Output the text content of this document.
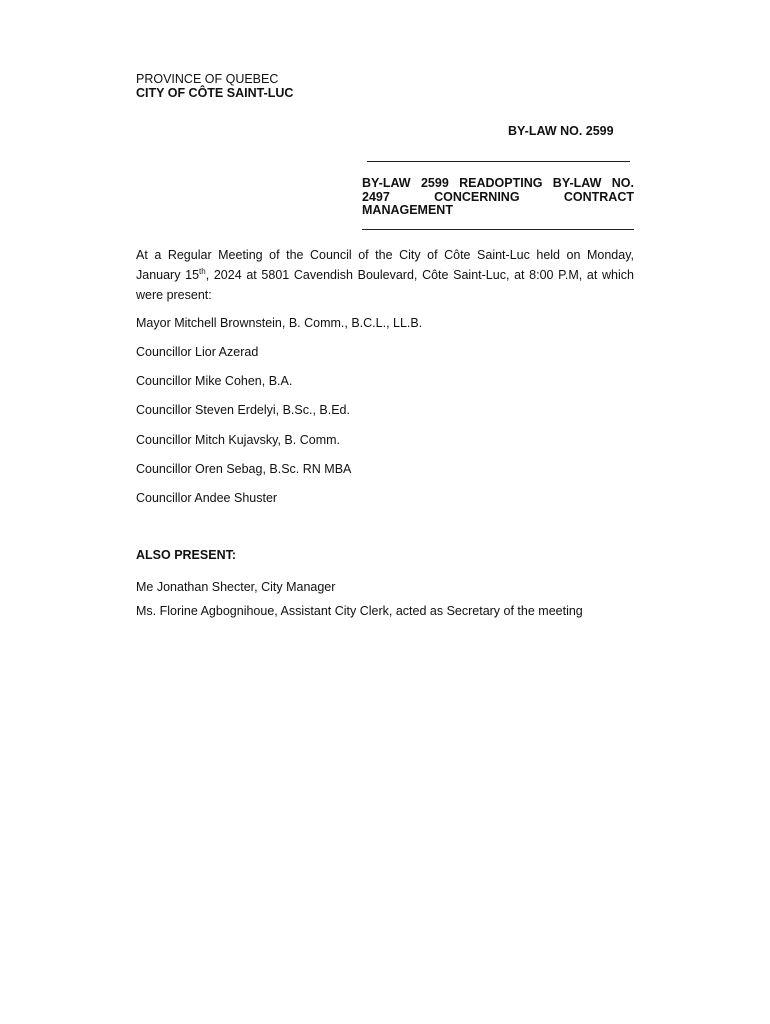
PROVINCE OF QUEBEC
CITY OF CÔTE SAINT-LUC
BY-LAW NO. 2599
BY-LAW 2599 READOPTING BY-LAW NO. 2497 CONCERNING CONTRACT MANAGEMENT
At a Regular Meeting of the Council of the City of Côte Saint-Luc held on Monday, January 15th, 2024 at 5801 Cavendish Boulevard, Côte Saint-Luc, at 8:00 P.M, at which were present:
Mayor Mitchell Brownstein, B. Comm., B.C.L., LL.B.
Councillor Lior Azerad
Councillor Mike Cohen, B.A.
Councillor Steven Erdelyi, B.Sc., B.Ed.
Councillor Mitch Kujavsky, B. Comm.
Councillor Oren Sebag, B.Sc. RN MBA
Councillor Andee Shuster
ALSO PRESENT:
Me Jonathan Shecter, City Manager
Ms. Florine Agbognihoue, Assistant City Clerk, acted as Secretary of the meeting
